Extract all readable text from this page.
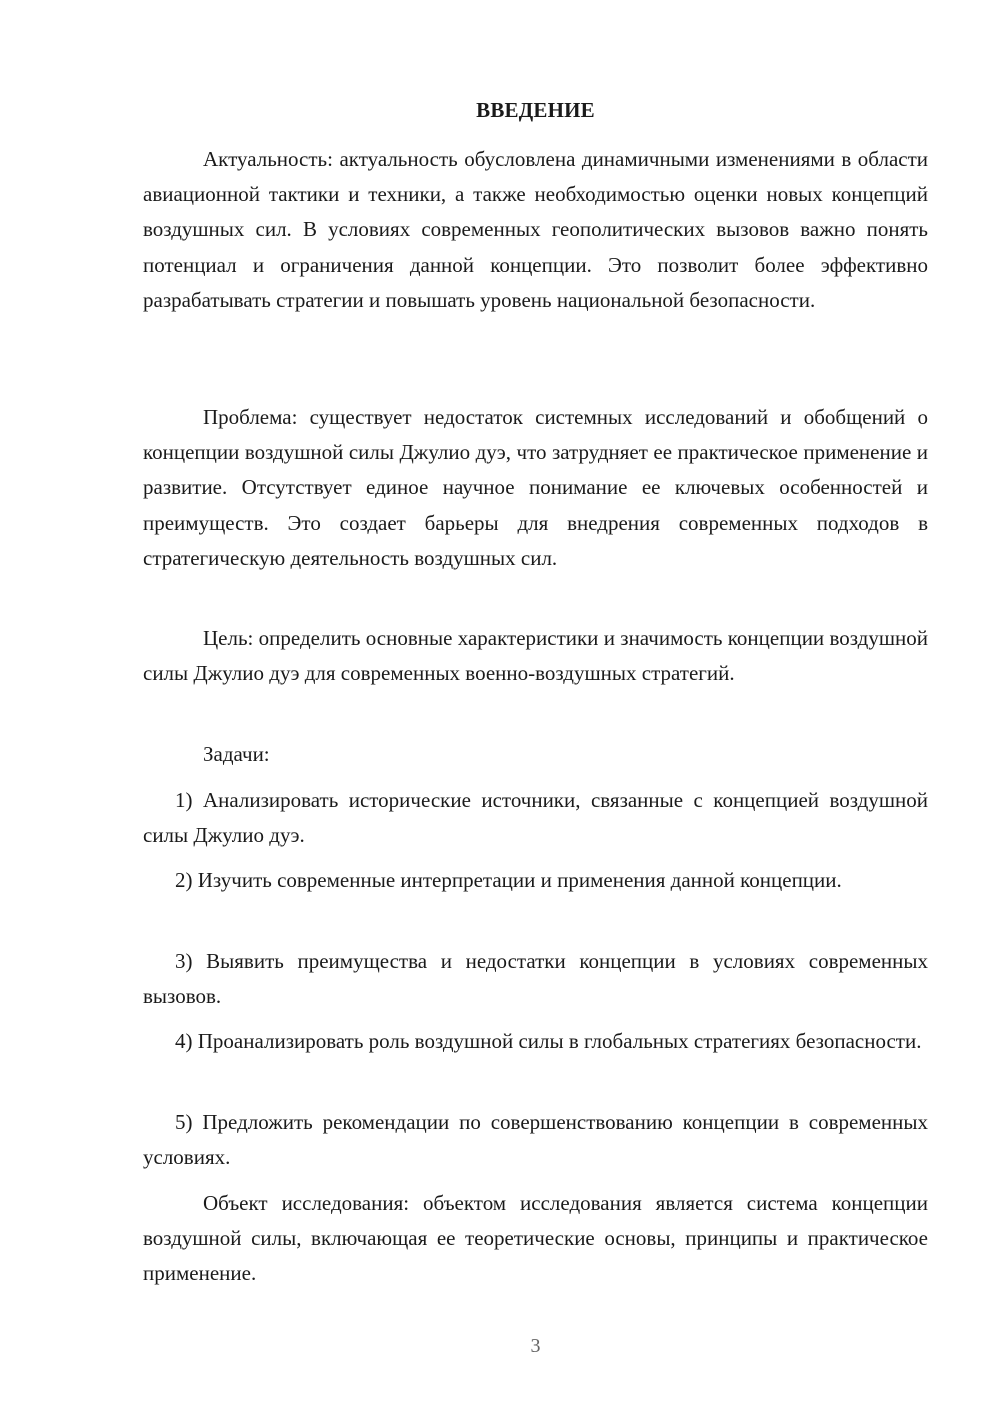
ВВЕДЕНИЕ

Актуальность: актуальность обусловлена динамичными изменениями в области авиационной тактики и техники, а также необходимостью оценки новых концепций воздушных сил. В условиях современных геополитических вызовов важно понять потенциал и ограничения данной концепции. Это позволит более эффективно разрабатывать стратегии и повышать уровень национальной безопасности.

Проблема: существует недостаток системных исследований и обобщений о концепции воздушной силы Джулио дуэ, что затрудняет ее практическое применение и развитие. Отсутствует единое научное понимание ее ключевых особенностей и преимуществ. Это создает барьеры для внедрения современных подходов в стратегическую деятельность воздушных сил.

Цель: определить основные характеристики и значимость концепции воздушной силы Джулио дуэ для современных военно-воздушных стратегий.

Задачи:

1) Анализировать исторические источники, связанные с концепцией воздушной силы Джулио дуэ.

2) Изучить современные интерпретации и применения данной концепции.

3) Выявить преимущества и недостатки концепции в условиях современных вызовов.

4) Проанализировать роль воздушной силы в глобальных стратегиях безопасности.

5) Предложить рекомендации по совершенствованию концепции в современных условиях.

Объект исследования: объектом исследования является система концепции воздушной силы, включающая ее теоретические основы, принципы и практическое применение.

3
